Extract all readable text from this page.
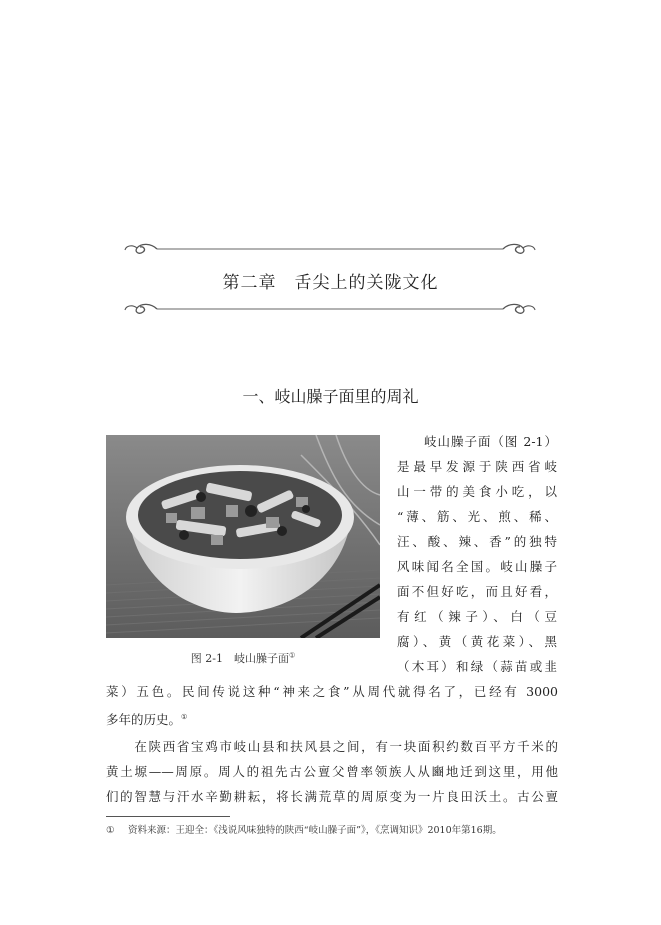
第二章 舌尖上的关陇文化
一、岐山臊子面里的周礼
图 2-1　岐山臊子面①
　　岐山臊子面（图 2-1）
是最早发源于陕西省岐
山一带的美食小吃，以
“薄、筋、光、煎、稀、
汪、酸、辣、香”的独特
风味闻名全国。岐山臊子
面不但好吃，而且好看，
有红（辣子）、白（豆
腐）、黄（黄花菜）、黑
（木耳）和绿（蒜苗或韭
菜）五色。民间传说这种“神来之食”从周代就得名了，已经有 3000
多年的历史。①
　　在陕西省宝鸡市岐山县和扶风县之间，有一块面积约数百平方千米的
黄土塬——周原。周人的祖先古公亶父曾率领族人从豳地迁到这里，用他
们的智慧与汗水辛勤耕耘，将长满荒草的周原变为一片良田沃土。古公亶
① 资料来源：王迎全：《浅说风味独特的陕西“岐山臊子面”》，《烹调知识》2010年第16期。
